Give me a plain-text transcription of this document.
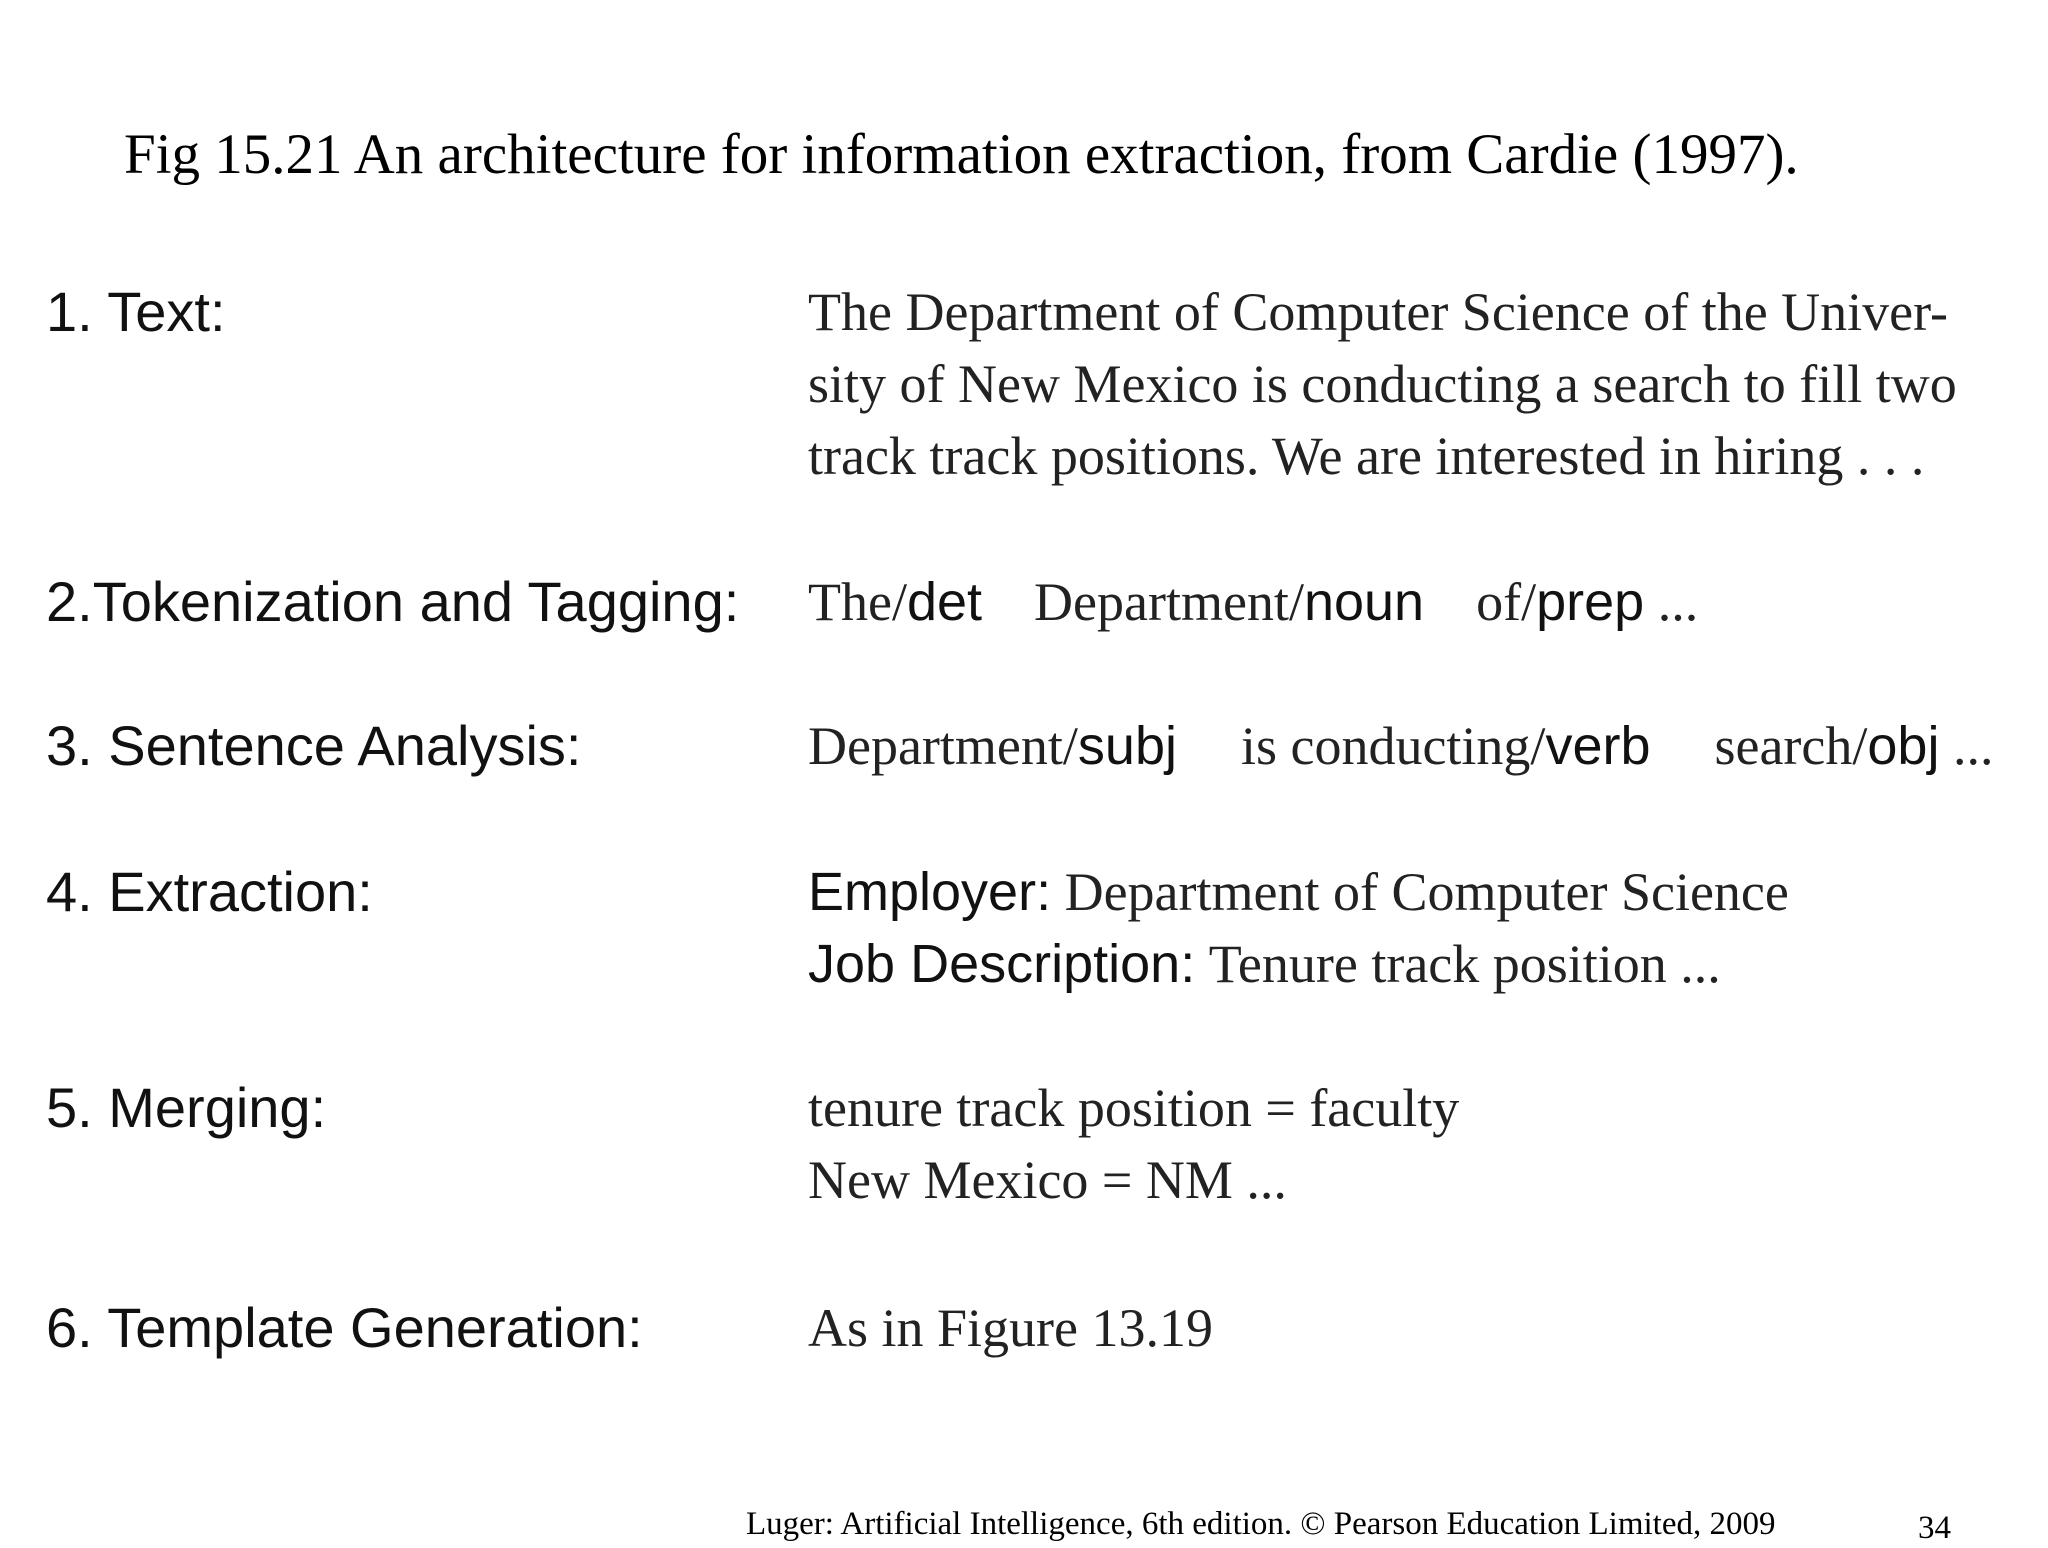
Fig 15.21 An architecture for information extraction, from Cardie (1997).
1. Text:	The Department of Computer Science of the Univer-
sity of New Mexico is conducting a search to fill two
track track positions. We are interested in hiring . . .
2.Tokenization and Tagging: The/det Department/noun of/prep ...
3. Sentence Analysis:	Department/subj is conducting/verb search/obj ...
4. Extraction:	Employer: Department of Computer Science
Job Description: Tenure track position ...
5. Merging:	tenure track position = faculty
New Mexico = NM ...
6. Template Generation:	As in Figure 13.19
Luger: Artificial Intelligence, 6th edition. © Pearson Education Limited, 2009	34
